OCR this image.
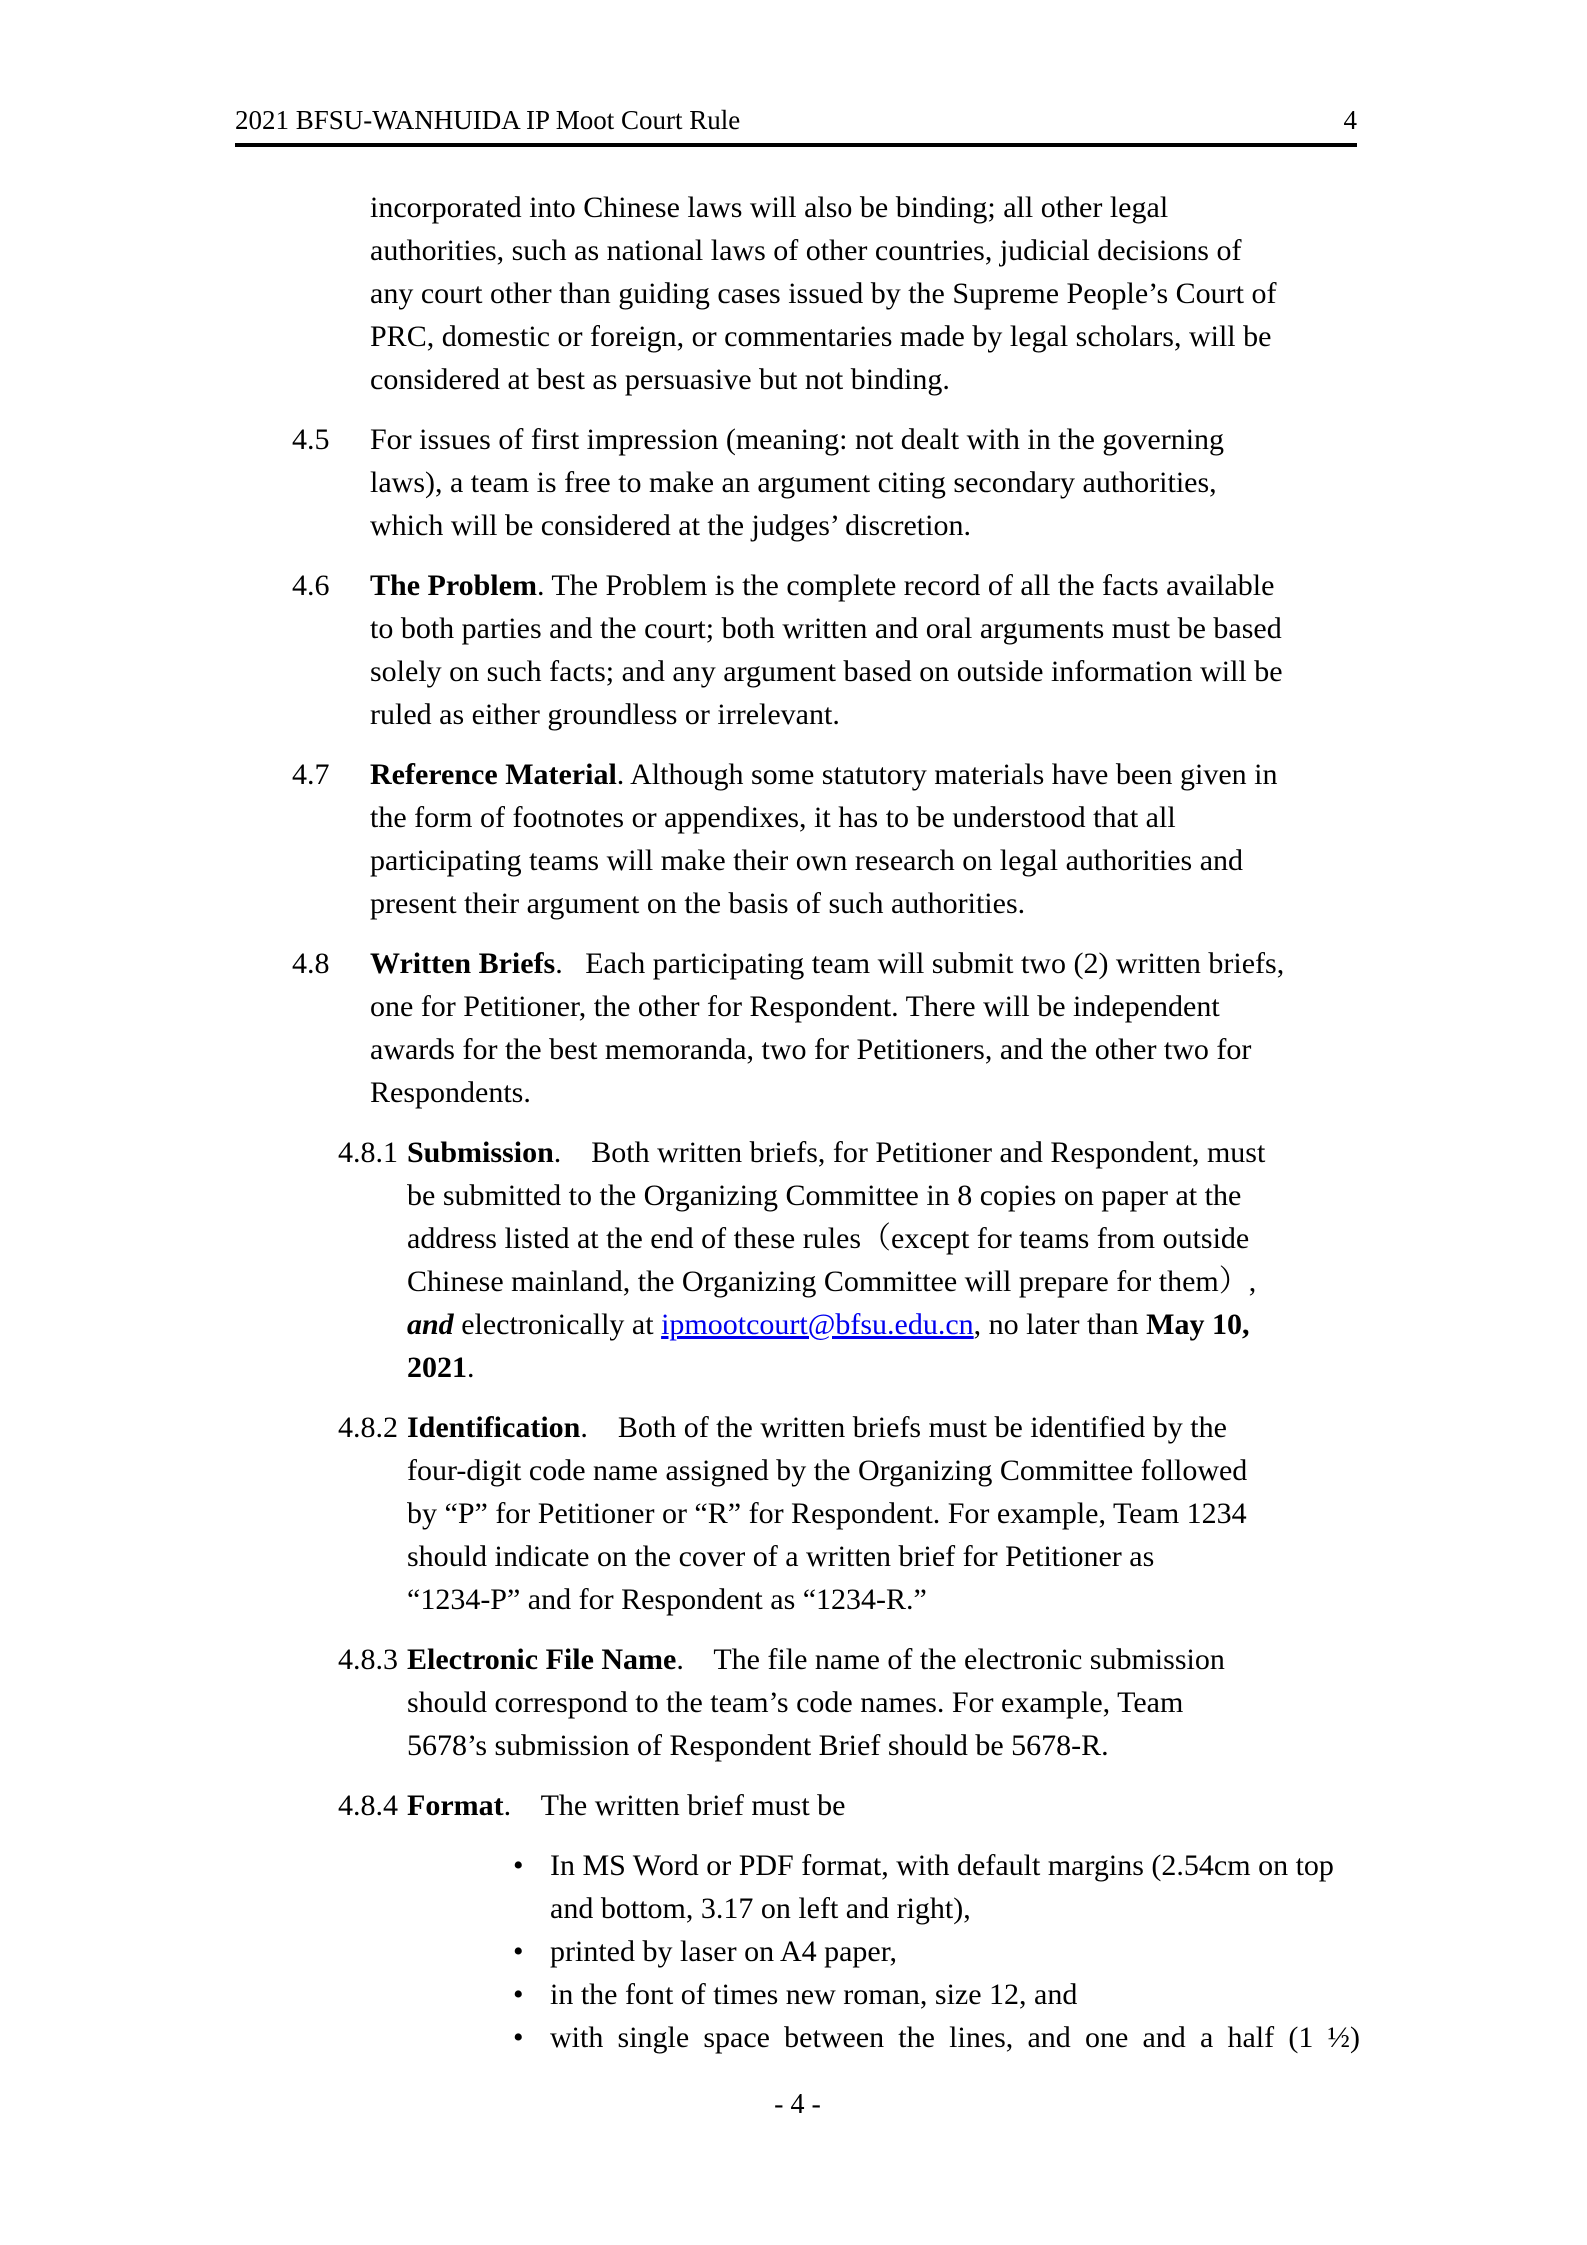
2021 BFSU-WANHUIDA IP Moot Court Rule	4
incorporated into Chinese laws will also be binding; all other legal
authorities, such as national laws of other countries, judicial decisions of
any court other than guiding cases issued by the Supreme People’s Court of
PRC, domestic or foreign, or commentaries made by legal scholars, will be
considered at best as persuasive but not binding.
4.5 For issues of first impression (meaning: not dealt with in the governing
laws), a team is free to make an argument citing secondary authorities,
which will be considered at the judges’ discretion.
4.6 The Problem. The Problem is the complete record of all the facts available
to both parties and the court; both written and oral arguments must be based
solely on such facts; and any argument based on outside information will be
ruled as either groundless or irrelevant.
4.7 Reference Material. Although some statutory materials have been given in
the form of footnotes or appendixes, it has to be understood that all
participating teams will make their own research on legal authorities and
present their argument on the basis of such authorities.
4.8 Written Briefs.   Each participating team will submit two (2) written briefs,
one for Petitioner, the other for Respondent. There will be independent
awards for the best memoranda, two for Petitioners, and the other two for
Respondents.
4.8.1 Submission.    Both written briefs, for Petitioner and Respondent, must
be submitted to the Organizing Committee in 8 copies on paper at the
address listed at the end of these rules（except for teams from outside
Chinese mainland, the Organizing Committee will prepare for them）,
and electronically at ipmootcourt@bfsu.edu.cn, no later than May 10,
2021.
4.8.2 Identification.    Both of the written briefs must be identified by the
four-digit code name assigned by the Organizing Committee followed
by “P” for Petitioner or “R” for Respondent. For example, Team 1234
should indicate on the cover of a written brief for Petitioner as
“1234-P” and for Respondent as “1234-R.”
4.8.3 Electronic File Name.    The file name of the electronic submission
should correspond to the team’s code names. For example, Team
5678’s submission of Respondent Brief should be 5678-R.
4.8.4 Format.    The written brief must be
• In MS Word or PDF format, with default margins (2.54cm on top
and bottom, 3.17 on left and right),
• printed by laser on A4 paper,
• in the font of times new roman, size 12, and
• with single space between the lines, and one and a half (1 ½)
- 4 -
